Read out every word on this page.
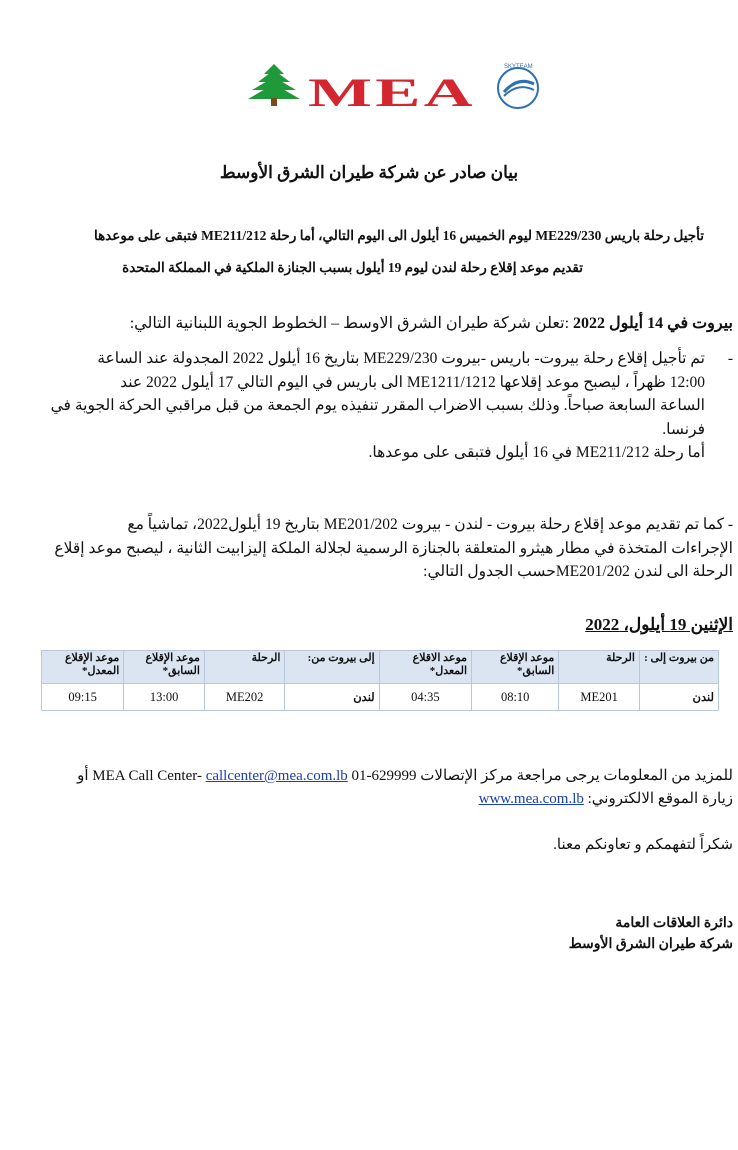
MEA
SKYTEAM
بيان صادر عن شركة طيران الشرق الأوسط
تأجيل رحلة باريس ME229/230 ليوم الخميس 16 أيلول الى اليوم التالي، أما رحلة ME211/212 فتبقى على موعدها
تقديم موعد إقلاع رحلة لندن ليوم 19 أيلول بسبب الجنازة الملكية في المملكة المتحدة
بيروت في 14 أيلول 2022 :تعلن شركة طيران الشرق الاوسط – الخطوط الجوية اللبنانية التالي:
-تم تأجيل إقلاع رحلة بيروت- باريس -بيروت ME229/230 بتاريخ 16 أيلول 2022 المجدولة عند الساعة
12:00 ظهراً ، ليصبح موعد إقلاعها ME1211/1212 الى باريس في اليوم التالي 17 أيلول 2022 عند
الساعة السابعة صباحاً. وذلك بسبب الاضراب المقرر تنفيذه يوم الجمعة من قبل مراقبي الحركة الجوية في
فرنسا.
أما رحلة ME211/212 في 16 أيلول فتبقى على موعدها.
- كما تم تقديم موعد إقلاع رحلة بيروت - لندن - بيروت ME201/202 بتاريخ 19 أيلول2022، تماشياً مع
الإجراءات المتخذة في مطار هيثرو المتعلقة بالجنازة الرسمية لجلالة الملكة إليزابيت الثانية ، ليصبح موعد إقلاع
الرحلة الى لندن ME201/202حسب الجدول التالي:
الإثنين 19 أيلول، 2022
من بيروت إلى :	الرحلة	موعد الإقلاع السابق*	موعد الاقلاع المعدل*	إلى بيروت من:	الرحلة	موعد الإقلاع السابق*	موعد الإقلاع المعدل*
لندن	ME201	08:10	04:35	لندن	ME202	13:00	09:15
للمزيد من المعلومات يرجى مراجعة مركز الإتصالات 629999-01 MEA Call Center- callcenter@mea.com.lb أو
زيارة الموقع الالكتروني: www.mea.com.lb
شكراً لتفهمكم و تعاونكم معنا.
دائرة العلاقات العامة
شركة طيران الشرق الأوسط
